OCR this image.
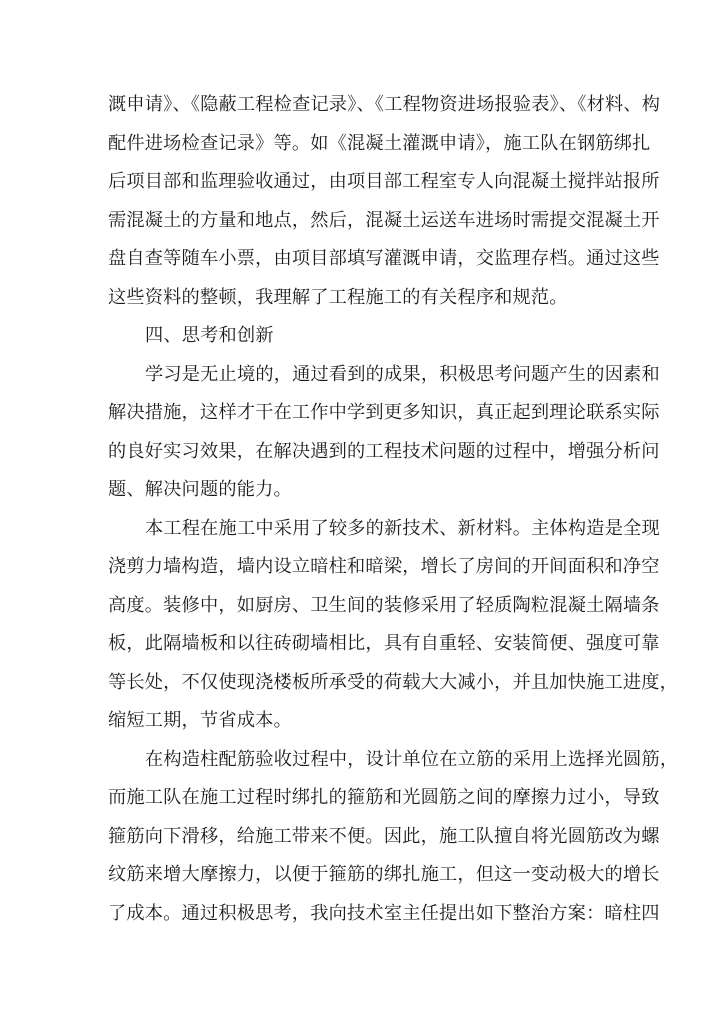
溉申请》、《隐蔽工程检查记录》、《工程物资进场报验表》、《材料、构
配件进场检查记录》等。如《混凝土灌溉申请》，施工队在钢筋绑扎
后项目部和监理验收通过，由项目部工程室专人向混凝土搅拌站报所
需混凝土的方量和地点，然后，混凝土运送车进场时需提交混凝土开
盘自查等随车小票，由项目部填写灌溉申请，交监理存档。通过这些
这些资料的整顿，我理解了工程施工的有关程序和规范。
四、思考和创新
学习是无止境的，通过看到的成果，积极思考问题产生的因素和
解决措施，这样才干在工作中学到更多知识，真正起到理论联系实际
的良好实习效果，在解决遇到的工程技术问题的过程中，增强分析问
题、解决问题的能力。
本工程在施工中采用了较多的新技术、新材料。主体构造是全现
浇剪力墙构造，墙内设立暗柱和暗梁，增长了房间的开间面积和净空
高度。装修中，如厨房、卫生间的装修采用了轻质陶粒混凝土隔墙条
板，此隔墙板和以往砖砌墙相比，具有自重轻、安装简便、强度可靠
等长处，不仅使现浇楼板所承受的荷载大大减小，并且加快施工进度，
缩短工期，节省成本。
在构造柱配筋验收过程中，设计单位在立筋的采用上选择光圆筋，
而施工队在施工过程时绑扎的箍筋和光圆筋之间的摩擦力过小，导致
箍筋向下滑移，给施工带来不便。因此，施工队擅自将光圆筋改为螺
纹筋来增大摩擦力，以便于箍筋的绑扎施工，但这一变动极大的增长
了成本。通过积极思考，我向技术室主任提出如下整治方案：暗柱四
